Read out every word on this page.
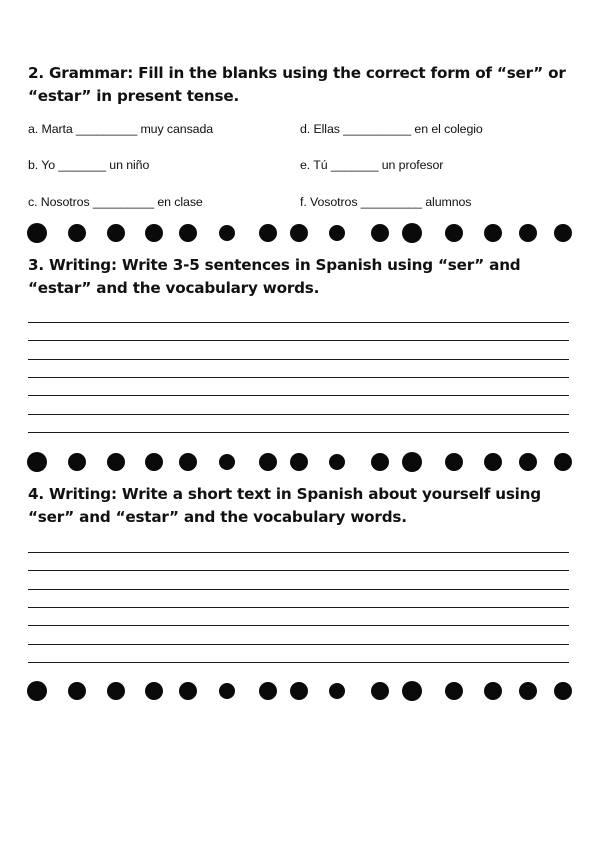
2. Grammar: Fill in the blanks using the correct form of “ser” or “estar” in present tense.

a. Marta _________ muy cansada	d. Ellas __________ en el colegio
b. Yo _______ un niño	e. Tú _______ un profesor
c. Nosotros _________ en clase	f. Vosotros _________ alumnos

3. Writing: Write 3-5 sentences in Spanish using “ser” and “estar” and the vocabulary words.

4. Writing: Write a short text in Spanish about yourself using “ser” and “estar” and the vocabulary words.
